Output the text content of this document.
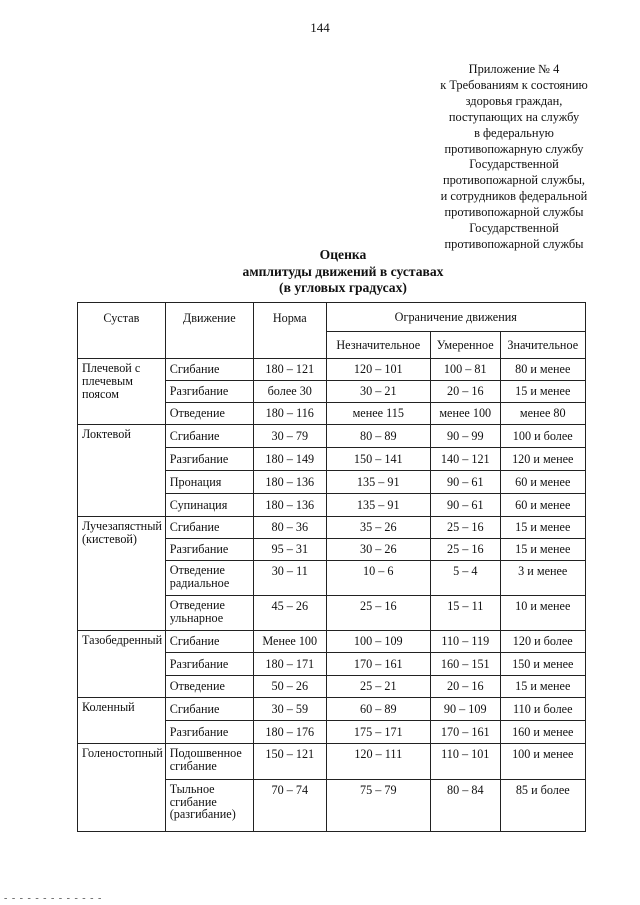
144
Приложение № 4
к Требованиям к состоянию
здоровья граждан,
поступающих на службу
в федеральную
противопожарную службу
Государственной
противопожарной службы,
и сотрудников федеральной
противопожарной службы
Государственной
противопожарной службы
Оценка
амплитуды движений в суставах
(в угловых градусах)
Сустав	Движение	Норма	Ограничение движения		
			Незначительное	Умеренное	Значительное
Плечевой с плечевым поясом	Сгибание	180 – 121	120 – 101	100 – 81	80 и менее
	Разгибание	более 30	30 – 21	20 – 16	15 и менее
	Отведение	180 – 116	менее 115	менее 100	менее 80
Локтевой	Сгибание	30 – 79	80 – 89	90 – 99	100 и более
	Разгибание	180 – 149	150 – 141	140 – 121	120 и менее
	Пронация	180 – 136	135 – 91	90 – 61	60 и менее
	Супинация	180 – 136	135 – 91	90 – 61	60 и менее
Лучезапястный (кистевой)	Сгибание	80 – 36	35 – 26	25 – 16	15 и менее
	Разгибание	95 – 31	30 – 26	25 – 16	15 и менее
	Отведение радиальное	30 – 11	10 – 6	5 – 4	3 и менее
	Отведение ульнарное	45 – 26	25 – 16	15 – 11	10 и менее
Тазобедренный	Сгибание	Менее 100	100 – 109	110 – 119	120 и более
	Разгибание	180 – 171	170 – 161	160 – 151	150 и менее
	Отведение	50 – 26	25 – 21	20 – 16	15 и менее
Коленный	Сгибание	30 – 59	60 – 89	90 – 109	110 и более
	Разгибание	180 – 176	175 – 171	170 – 161	160 и менее
Голеностопный	Подошвенное сгибание	150 – 121	120 – 111	110 – 101	100 и менее
	Тыльное сгибание (разгибание)	70 – 74	75 – 79	80 – 84	85 и более
- - - - - - - - - - - - -
